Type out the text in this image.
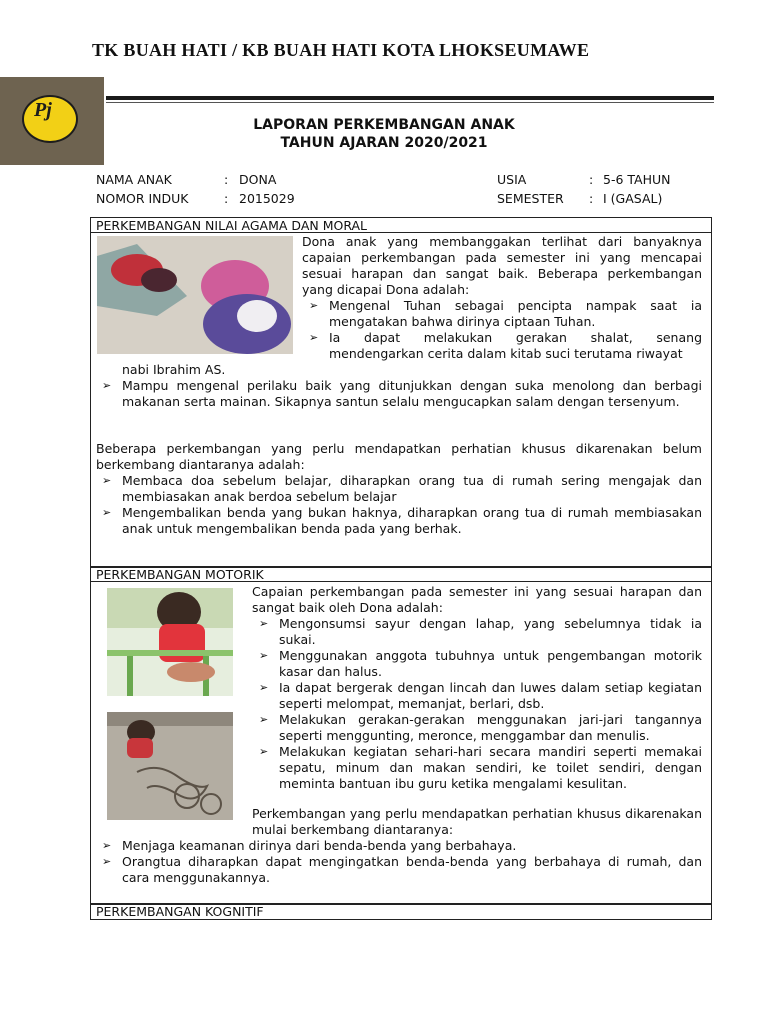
TK BUAH HATI / KB BUAH HATI KOTA LHOKSEUMAWE
Pj

LAPORAN PERKEMBANGAN ANAK

TAHUN AJARAN 2020/2021

NAMA ANAK	: DONA
NOMOR INDUK	: 2015029
USIA	: 5-6 TAHUN
SEMESTER : I (GASAL)
PERKEMBANGAN NILAI AGAMA DAN MORAL

Dona anak yang membanggakan terlihat dari banyaknya capaian perkembangan pada semester ini yang mencapai sesuai harapan dan sangat baik. Beberapa perkembangan yang dicapai Dona adalah:

➢ Mengenal Tuhan sebagai pencipta nampak saat ia mengatakan bahwa dirinya ciptaan Tuhan.
➢ Ia dapat melakukan gerakan shalat, senang mendengarkan cerita dalam kitab suci terutama riwayat

nabi Ibrahim AS.

➢ Mampu mengenal perilaku baik yang ditunjukkan dengan suka menolong dan berbagi makanan serta mainan. Sikapnya santun selalu mengucapkan salam dengan tersenyum.

Beberapa perkembangan yang perlu mendapatkan perhatian khusus dikarenakan belum berkembang diantaranya adalah:

➢ Membaca doa sebelum belajar, diharapkan orang tua di rumah sering mengajak dan membiasakan anak berdoa sebelum belajar
➢ Mengembalikan benda yang bukan haknya, diharapkan orang tua di rumah membiasakan anak untuk mengembalikan benda pada yang berhak.
PERKEMBANGAN MOTORIK

Capaian perkembangan pada semester ini yang sesuai harapan dan sangat baik oleh Dona adalah:

➢ Mengonsumsi sayur dengan lahap, yang sebelumnya tidak ia sukai.
➢ Menggunakan anggota tubuhnya untuk pengembangan motorik kasar dan halus.
➢ Ia dapat bergerak dengan lincah dan luwes dalam setiap kegiatan seperti melompat, memanjat, berlari, dsb.
➢ Melakukan gerakan-gerakan menggunakan jari-jari tangannya seperti menggunting, meronce, menggambar dan menulis.
➢ Melakukan kegiatan sehari-hari secara mandiri seperti memakai sepatu, minum dan makan sendiri, ke toilet sendiri, dengan meminta bantuan ibu guru ketika mengalami kesulitan.

Perkembangan yang perlu mendapatkan perhatian khusus dikarenakan mulai berkembang diantaranya:

➢ Menjaga keamanan dirinya dari benda-benda yang berbahaya.
➢ Orangtua diharapkan dapat mengingatkan benda-benda yang berbahaya di rumah, dan cara menggunakannya.
PERKEMBANGAN KOGNITIF
